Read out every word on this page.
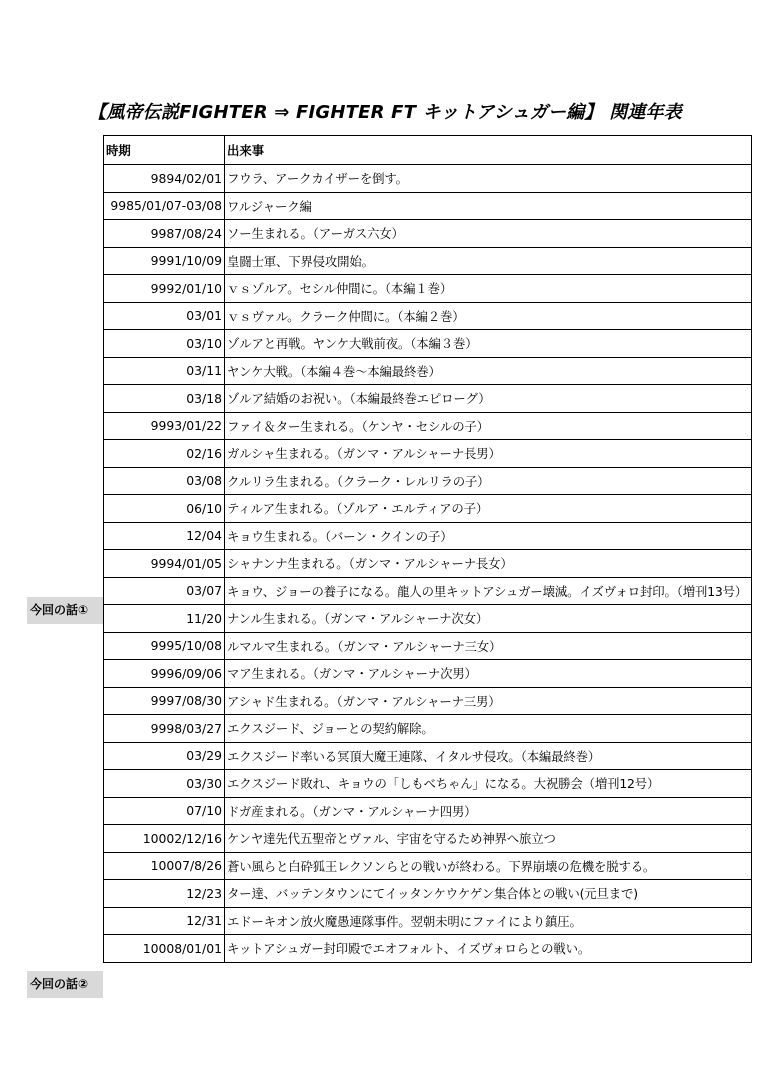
【風帝伝説FIGHTER ⇒ FIGHTER FT キットアシュガー編】 関連年表
時期	出来事
9894/02/01	フウラ、アークカイザーを倒す。
9985/01/07-03/08	ワルジャーク編
9987/08/24	ソー生まれる。（アーガス六女）
9991/10/09	皇闘士軍、下界侵攻開始。
9992/01/10	ｖｓゾルア。セシル仲間に。（本編１巻）
03/01	ｖｓヴァル。クラーク仲間に。（本編２巻）
03/10	ゾルアと再戦。ヤンケ大戦前夜。（本編３巻）
03/11	ヤンケ大戦。（本編４巻～本編最終巻）
03/18	ゾルア結婚のお祝い。（本編最終巻エピローグ）
9993/01/22	ファイ＆ター生まれる。（ケンヤ・セシルの子）
02/16	ガルシャ生まれる。（ガンマ・アルシャーナ長男）
03/08	クルリラ生まれる。（クラーク・レルリラの子）
06/10	ティルア生まれる。（ゾルア・エルティアの子）
12/04	キョウ生まれる。（バーン・クインの子）
9994/01/05	シャナンナ生まれる。（ガンマ・アルシャーナ長女）
03/07	キョウ、ジョーの養子になる。龍人の里キットアシュガー壊滅。イズヴォロ封印。（増刊13号）
11/20	ナンル生まれる。（ガンマ・アルシャーナ次女）
9995/10/08	ルマルマ生まれる。（ガンマ・アルシャーナ三女）
9996/09/06	マア生まれる。（ガンマ・アルシャーナ次男）
9997/08/30	アシャド生まれる。（ガンマ・アルシャーナ三男）
9998/03/27	エクスジード、ジョーとの契約解除。
03/29	エクスジード率いる冥頂大魔王連隊、イタルサ侵攻。（本編最終巻）
03/30	エクスジード敗れ、キョウの「しもべちゃん」になる。大祝勝会（増刊12号）
07/10	ドガ産まれる。（ガンマ・アルシャーナ四男）
10002/12/16	ケンヤ達先代五聖帝とヴァル、宇宙を守るため神界へ旅立つ
10007/8/26	蒼い風らと白砕狐王レクソンらとの戦いが終わる。下界崩壊の危機を脱する。
12/23	ター達、バッテンタウンにてイッタンケウケゲン集合体との戦い(元旦まで)
12/31	エドーキオン放火魔愚連隊事件。翌朝未明にファイにより鎮圧。
10008/01/01	キットアシュガー封印殿でエオフォルト、イズヴォロらとの戦い。
今回の話①
今回の話②
